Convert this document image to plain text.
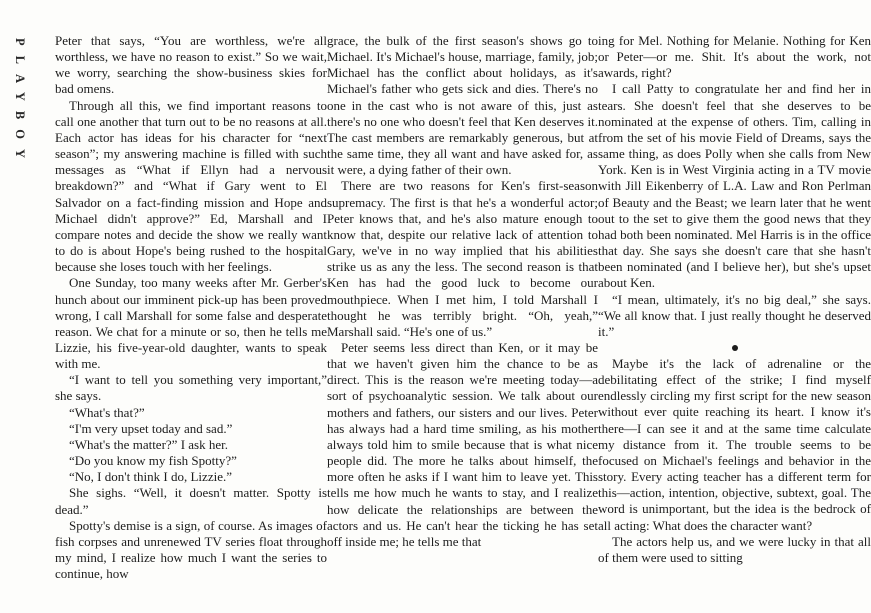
PLAYBOY Peter that says, “You are worthless, we're all worthless, we have no reason to exist.” So we wait, we worry, searching the show-business skies for bad omens.

Through all this, we find important reasons to call one another that turn out to be no reasons at all. Each actor has ideas for his character for “next season”; my answering machine is filled with such messages as “What if Ellyn had a nervous breakdown?” and “What if Gary went to El Salvador on a fact-finding mission and Hope and Michael didn't approve?” Ed, Marshall and I compare notes and decide the show we really want to do is about Hope's being rushed to the hospital because she loses touch with her feelings.

One Sunday, too many weeks after Mr. Gerber's hunch about our imminent pick-up has been proved wrong, I call Marshall for some false and desperate reason. We chat for a minute or so, then he tells me Lizzie, his five-year-old daughter, wants to speak with me.

“I want to tell you something very important,” she says.

“What's that?”

“I'm very upset today and sad.”

“What's the matter?” I ask her.

“Do you know my fish Spotty?”

“No, I don't think I do, Lizzie.”

She sighs. “Well, it doesn't matter. Spotty is dead.”

Spotty's demise is a sign, of course. As images of fish corpses and unrenewed TV series float through my mind, I realize how much I want the series to continue, how

grace, the bulk of the first season's shows go to Michael. It's Michael's house, marriage, family, job; Michael has the conflict about holidays, as it's Michael's father who gets sick and dies. There's no one in the cast who is not aware of this, just as there's no one who doesn't feel that Ken deserves it. The cast members are remarkably generous, but at the same time, they all want and have asked for, as it were, a dying father of their own.

There are two reasons for Ken's first-season supremacy. The first is that he's a wonderful actor; Peter knows that, and he's also mature enough to know that, despite our relative lack of attention to Gary, we've in no way implied that his abilities strike us as any the less. The second reason is that Ken has had the good luck to become our mouthpiece. When I met him, I told Marshall I thought he was terribly bright. “Oh, yeah,” Marshall said. “He's one of us.”

Peter seems less direct than Ken, or it may be that we haven't given him the chance to be as direct. This is the reason we're meeting today—a sort of psychoanalytic session. We talk about our mothers and fathers, our sisters and our lives. Peter has always had a hard time smiling, as his mother always told him to smile because that is what nice people did. The more he talks about himself, the more often he asks if I want him to leave yet. This tells me how much he wants to stay, and I realize how delicate the relationships are between the actors and us. He can't hear the ticking he has set off inside me; he tells me that

ing for Mel. Nothing for Melanie. Nothing for Ken or Peter—or me. Shit. It's about the work, not awards, right?

I call Patty to congratulate her and find her in tears. She doesn't feel that she deserves to be nominated at the expense of others. Tim, calling in from the set of his movie Field of Dreams, says the same thing, as does Polly when she calls from New York. Ken is in West Virginia acting in a TV movie with Jill Eikenberry of L.A. Law and Ron Perlman of Beauty and the Beast; we learn later that he went out to the set to give them the good news that they had both been nominated. Mel Harris is in the office that day. She says she doesn't care that she hasn't been nominated (and I believe her), but she's upset about Ken.

“I mean, ultimately, it's no big deal,” she says. “We all know that. I just really thought he deserved it.”

Maybe it's the lack of adrenaline or the debilitating effect of the strike; I find myself endlessly circling my first script for the new season without ever quite reaching its heart. I know it's there—I can see it and at the same time calculate my distance from it. The trouble seems to be focused on Michael's feelings and behavior in the story. Every acting teacher has a different term for this—action, intention, objective, subtext, goal. The word is unimportant, but the idea is the bedrock of all acting: What does the character want?

The actors help us, and we were lucky in that all of them were used to sitting
